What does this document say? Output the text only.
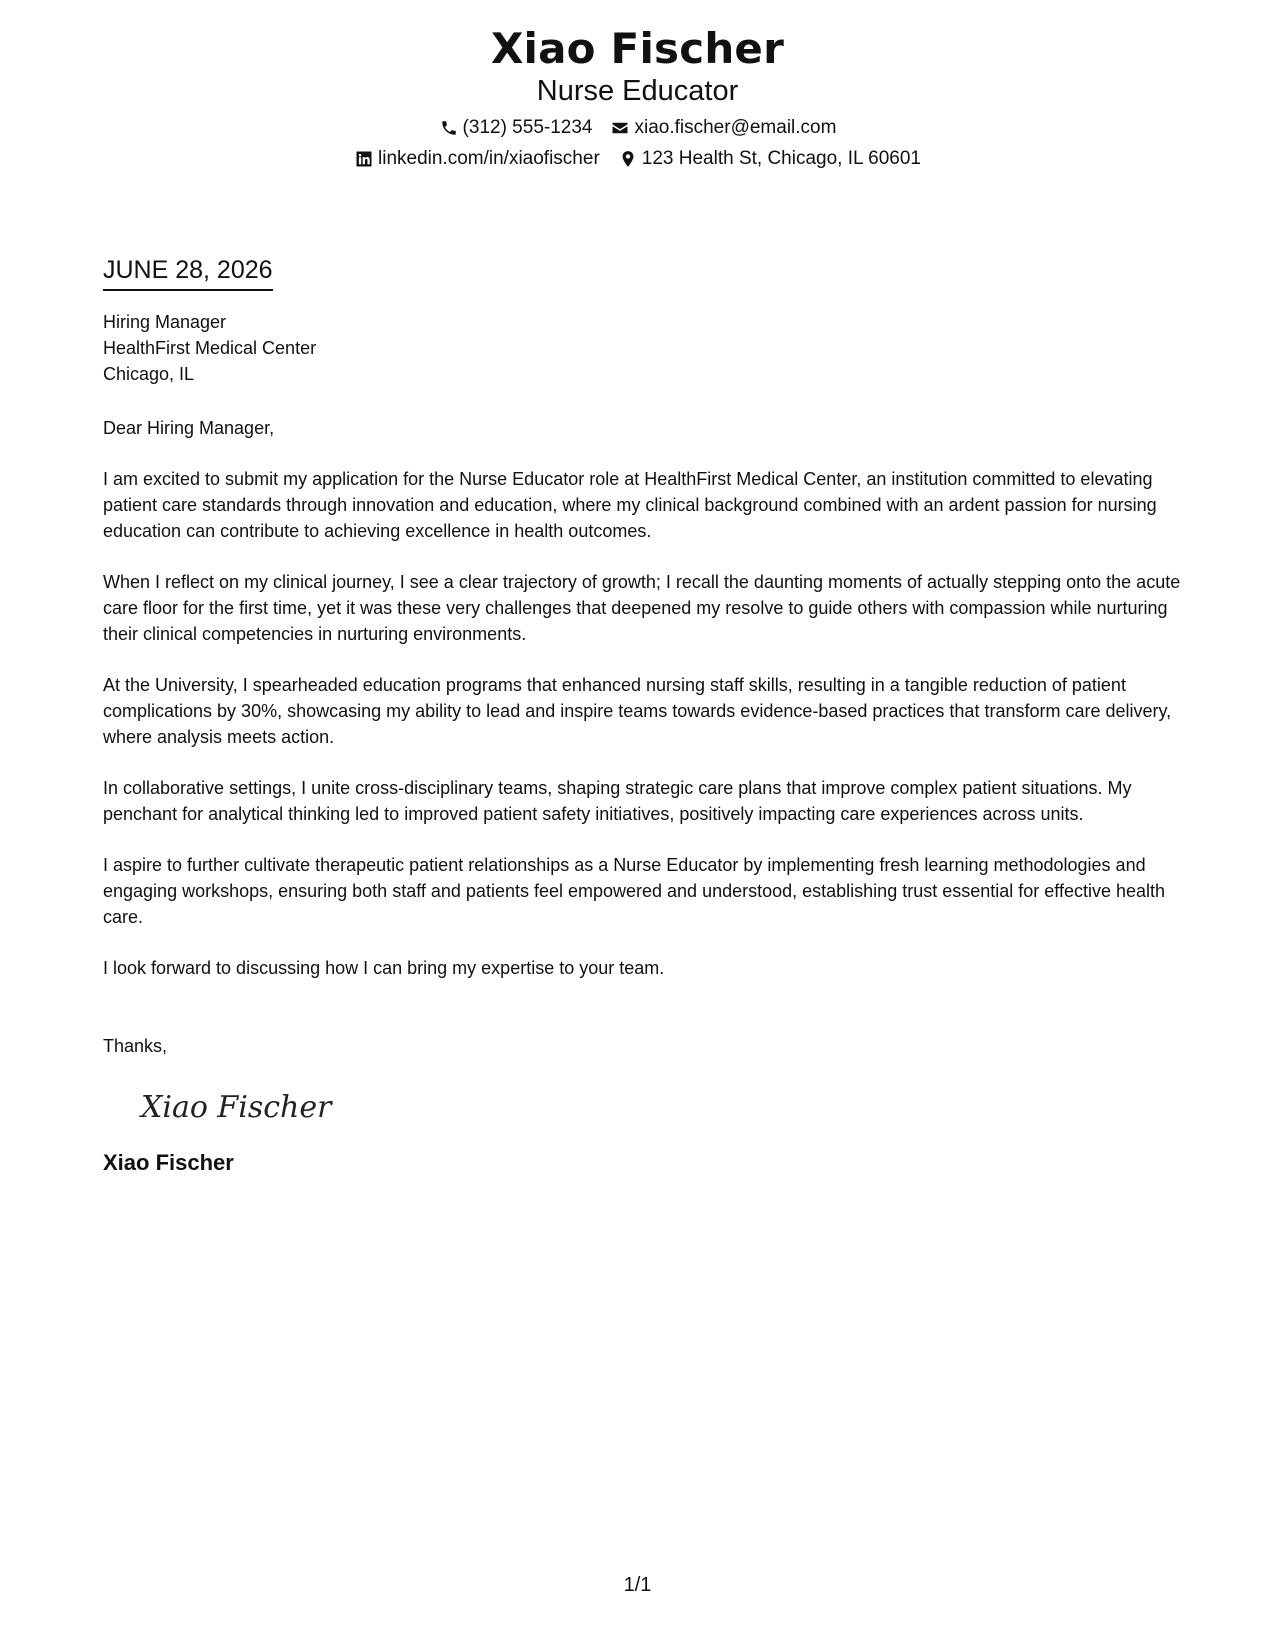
Xiao Fischer
Nurse Educator
(312) 555-1234 xiao.fischer@email.com
linkedin.com/in/xiaofischer 123 Health St, Chicago, IL 60601
JUNE 28, 2026
Hiring Manager
HealthFirst Medical Center
Chicago, IL
Dear Hiring Manager,

I am excited to submit my application for the Nurse Educator role at HealthFirst Medical Center, an institution committed to elevating patient care standards through innovation and education, where my clinical background combined with an ardent passion for nursing education can contribute to achieving excellence in health outcomes.

When I reflect on my clinical journey, I see a clear trajectory of growth; I recall the daunting moments of actually stepping onto the acute care floor for the first time, yet it was these very challenges that deepened my resolve to guide others with compassion while nurturing their clinical competencies in nurturing environments.

At the University, I spearheaded education programs that enhanced nursing staff skills, resulting in a tangible reduction of patient complications by 30%, showcasing my ability to lead and inspire teams towards evidence-based practices that transform care delivery, where analysis meets action.

In collaborative settings, I unite cross-disciplinary teams, shaping strategic care plans that improve complex patient situations. My penchant for analytical thinking led to improved patient safety initiatives, positively impacting care experiences across units.

I aspire to further cultivate therapeutic patient relationships as a Nurse Educator by implementing fresh learning methodologies and engaging workshops, ensuring both staff and patients feel empowered and understood, establishing trust essential for effective health care.

I look forward to discussing how I can bring my expertise to your team.
Thanks,
Xiao Fischer
Xiao Fischer
1/1
